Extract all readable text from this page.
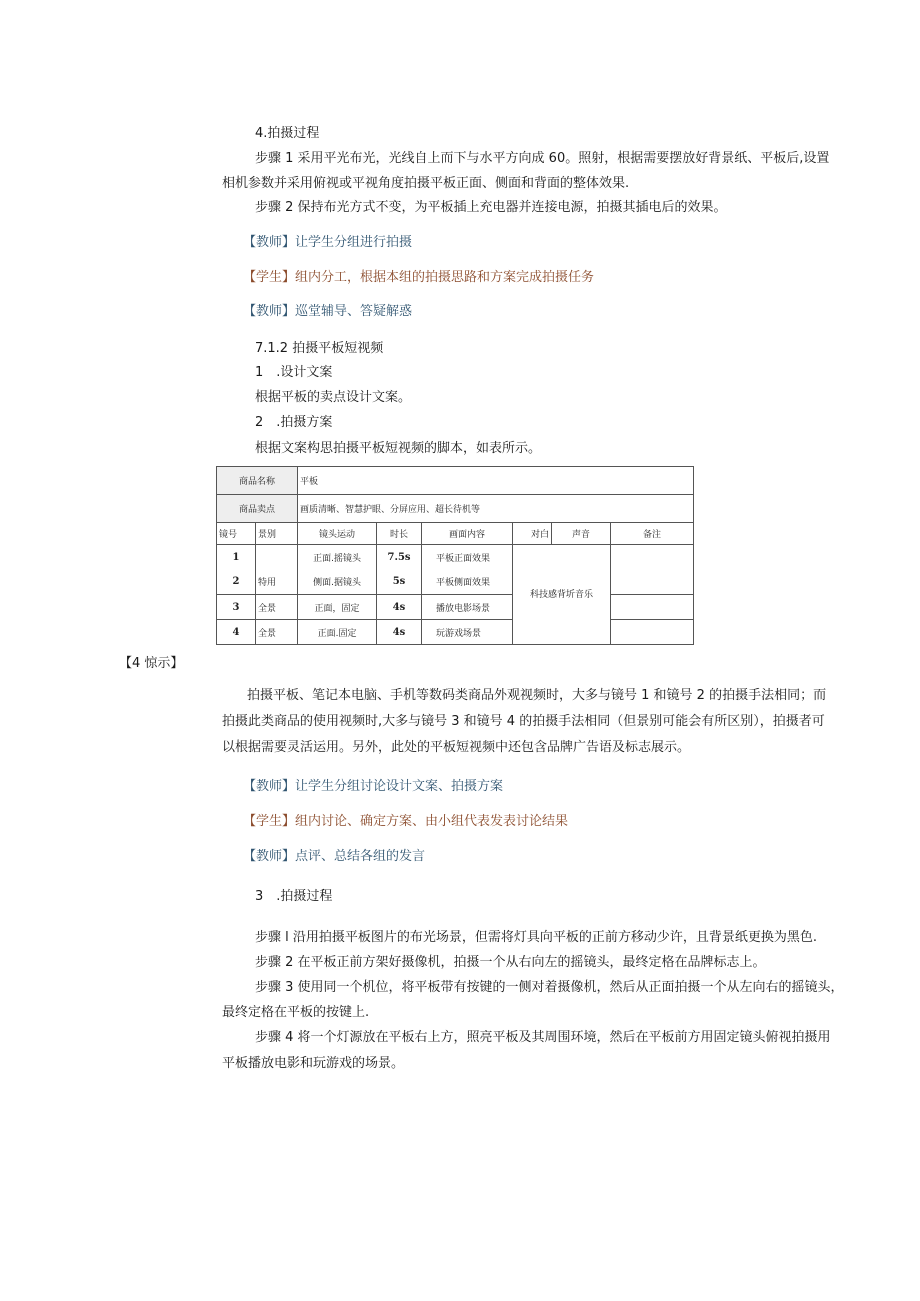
4.拍摄过程
步骤 1 采用平光布光，光线自上而下与水平方向成 60。照射，根据需要摆放好背景纸、平板后,设置
相机参数并采用俯视或平视角度拍摄平板正面、侧面和背面的整体效果.
步骤 2 保持布光方式不变，为平板插上充电器并连接电源，拍摄其插电后的效果。
【教师】让学生分组进行拍摄
【学生】组内分工，根据本组的拍摄思路和方案完成拍摄任务
【教师】巡堂辅导、答疑解惑
7.1.2 拍摄平板短视频
1　.设计文案
根据平板的卖点设计文案。
2　.拍摄方案
根据文案构思拍摄平板短视频的脚本，如表所示。
商品名称		平板					
商品卖点		画质清晰、智慧护眼、分屏应用、超长待机等					
镜号	景别	镜头运动	时长	画面内容	对白	声音	备注
1		正面.摇镜头	7.5s	平板正面效果	科技感背圻音乐		
2	特用	侧面.据镜头	5s	平板侧面效果			
3	全景	正面，固定	4s	播放电影场景			
4	全景	正面.固定	4s	玩游戏场景			
【4 惊示】
拍摄平板、笔记本电脑、手机等数码类商品外观视频时，大多与镜号 1 和镜号 2 的拍摄手法相同；而
拍摄此类商品的使用视频时,大多与镜号 3 和镜号 4 的拍摄手法相同（但景别可能会有所区别），拍摄者可
以根据需要灵活运用。另外，此处的平板短视频中还包含品牌广告语及标志展示。
【教师】让学生分组讨论设计文案、拍摄方案
【学生】组内讨论、确定方案、由小组代表发表讨论结果
【教师】点评、总结各组的发言
3　.拍摄过程
步骤 l 沿用拍摄平板图片的布光场景，但需将灯具向平板的正前方移动少许，且背景纸更换为黑色.
步骤 2 在平板正前方架好摄像机，拍摄一个从右向左的摇镜头，最终定格在品牌标志上。
步骤 3 使用同一个机位，将平板带有按键的一侧对着摄像机，然后从正面拍摄一个从左向右的摇镜头，
最终定格在平板的按键上.
步骤 4 将一个灯源放在平板右上方，照亮平板及其周围环境，然后在平板前方用固定镜头俯视拍摄用
平板播放电影和玩游戏的场景。
